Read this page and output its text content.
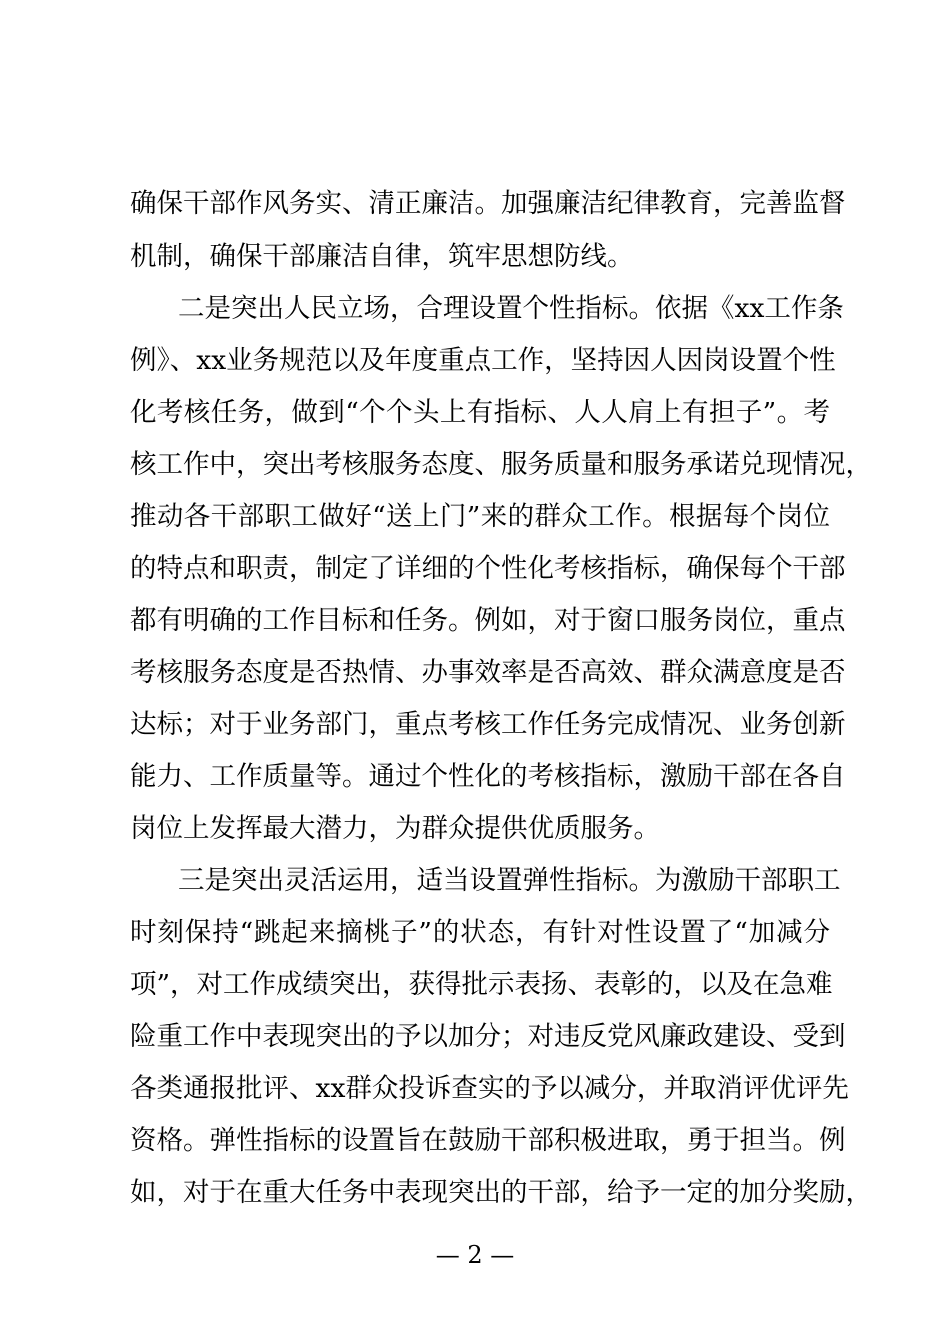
确保干部作风务实、清正廉洁。加强廉洁纪律教育，完善监督
机制，确保干部廉洁自律，筑牢思想防线。
二是突出人民立场，合理设置个性指标。依据《xx工作条
例》、xx业务规范以及年度重点工作，坚持因人因岗设置个性
化考核任务，做到“个个头上有指标、人人肩上有担子”。考
核工作中，突出考核服务态度、服务质量和服务承诺兑现情况，
推动各干部职工做好“送上门”来的群众工作。根据每个岗位
的特点和职责，制定了详细的个性化考核指标，确保每个干部
都有明确的工作目标和任务。例如，对于窗口服务岗位，重点
考核服务态度是否热情、办事效率是否高效、群众满意度是否
达标；对于业务部门，重点考核工作任务完成情况、业务创新
能力、工作质量等。通过个性化的考核指标，激励干部在各自
岗位上发挥最大潜力，为群众提供优质服务。
三是突出灵活运用，适当设置弹性指标。为激励干部职工
时刻保持“跳起来摘桃子”的状态，有针对性设置了“加减分
项”，对工作成绩突出，获得批示表扬、表彰的，以及在急难
险重工作中表现突出的予以加分；对违反党风廉政建设、受到
各类通报批评、xx群众投诉查实的予以减分，并取消评优评先
资格。弹性指标的设置旨在鼓励干部积极进取，勇于担当。例
如，对于在重大任务中表现突出的干部，给予一定的加分奖励，
— 2 —
